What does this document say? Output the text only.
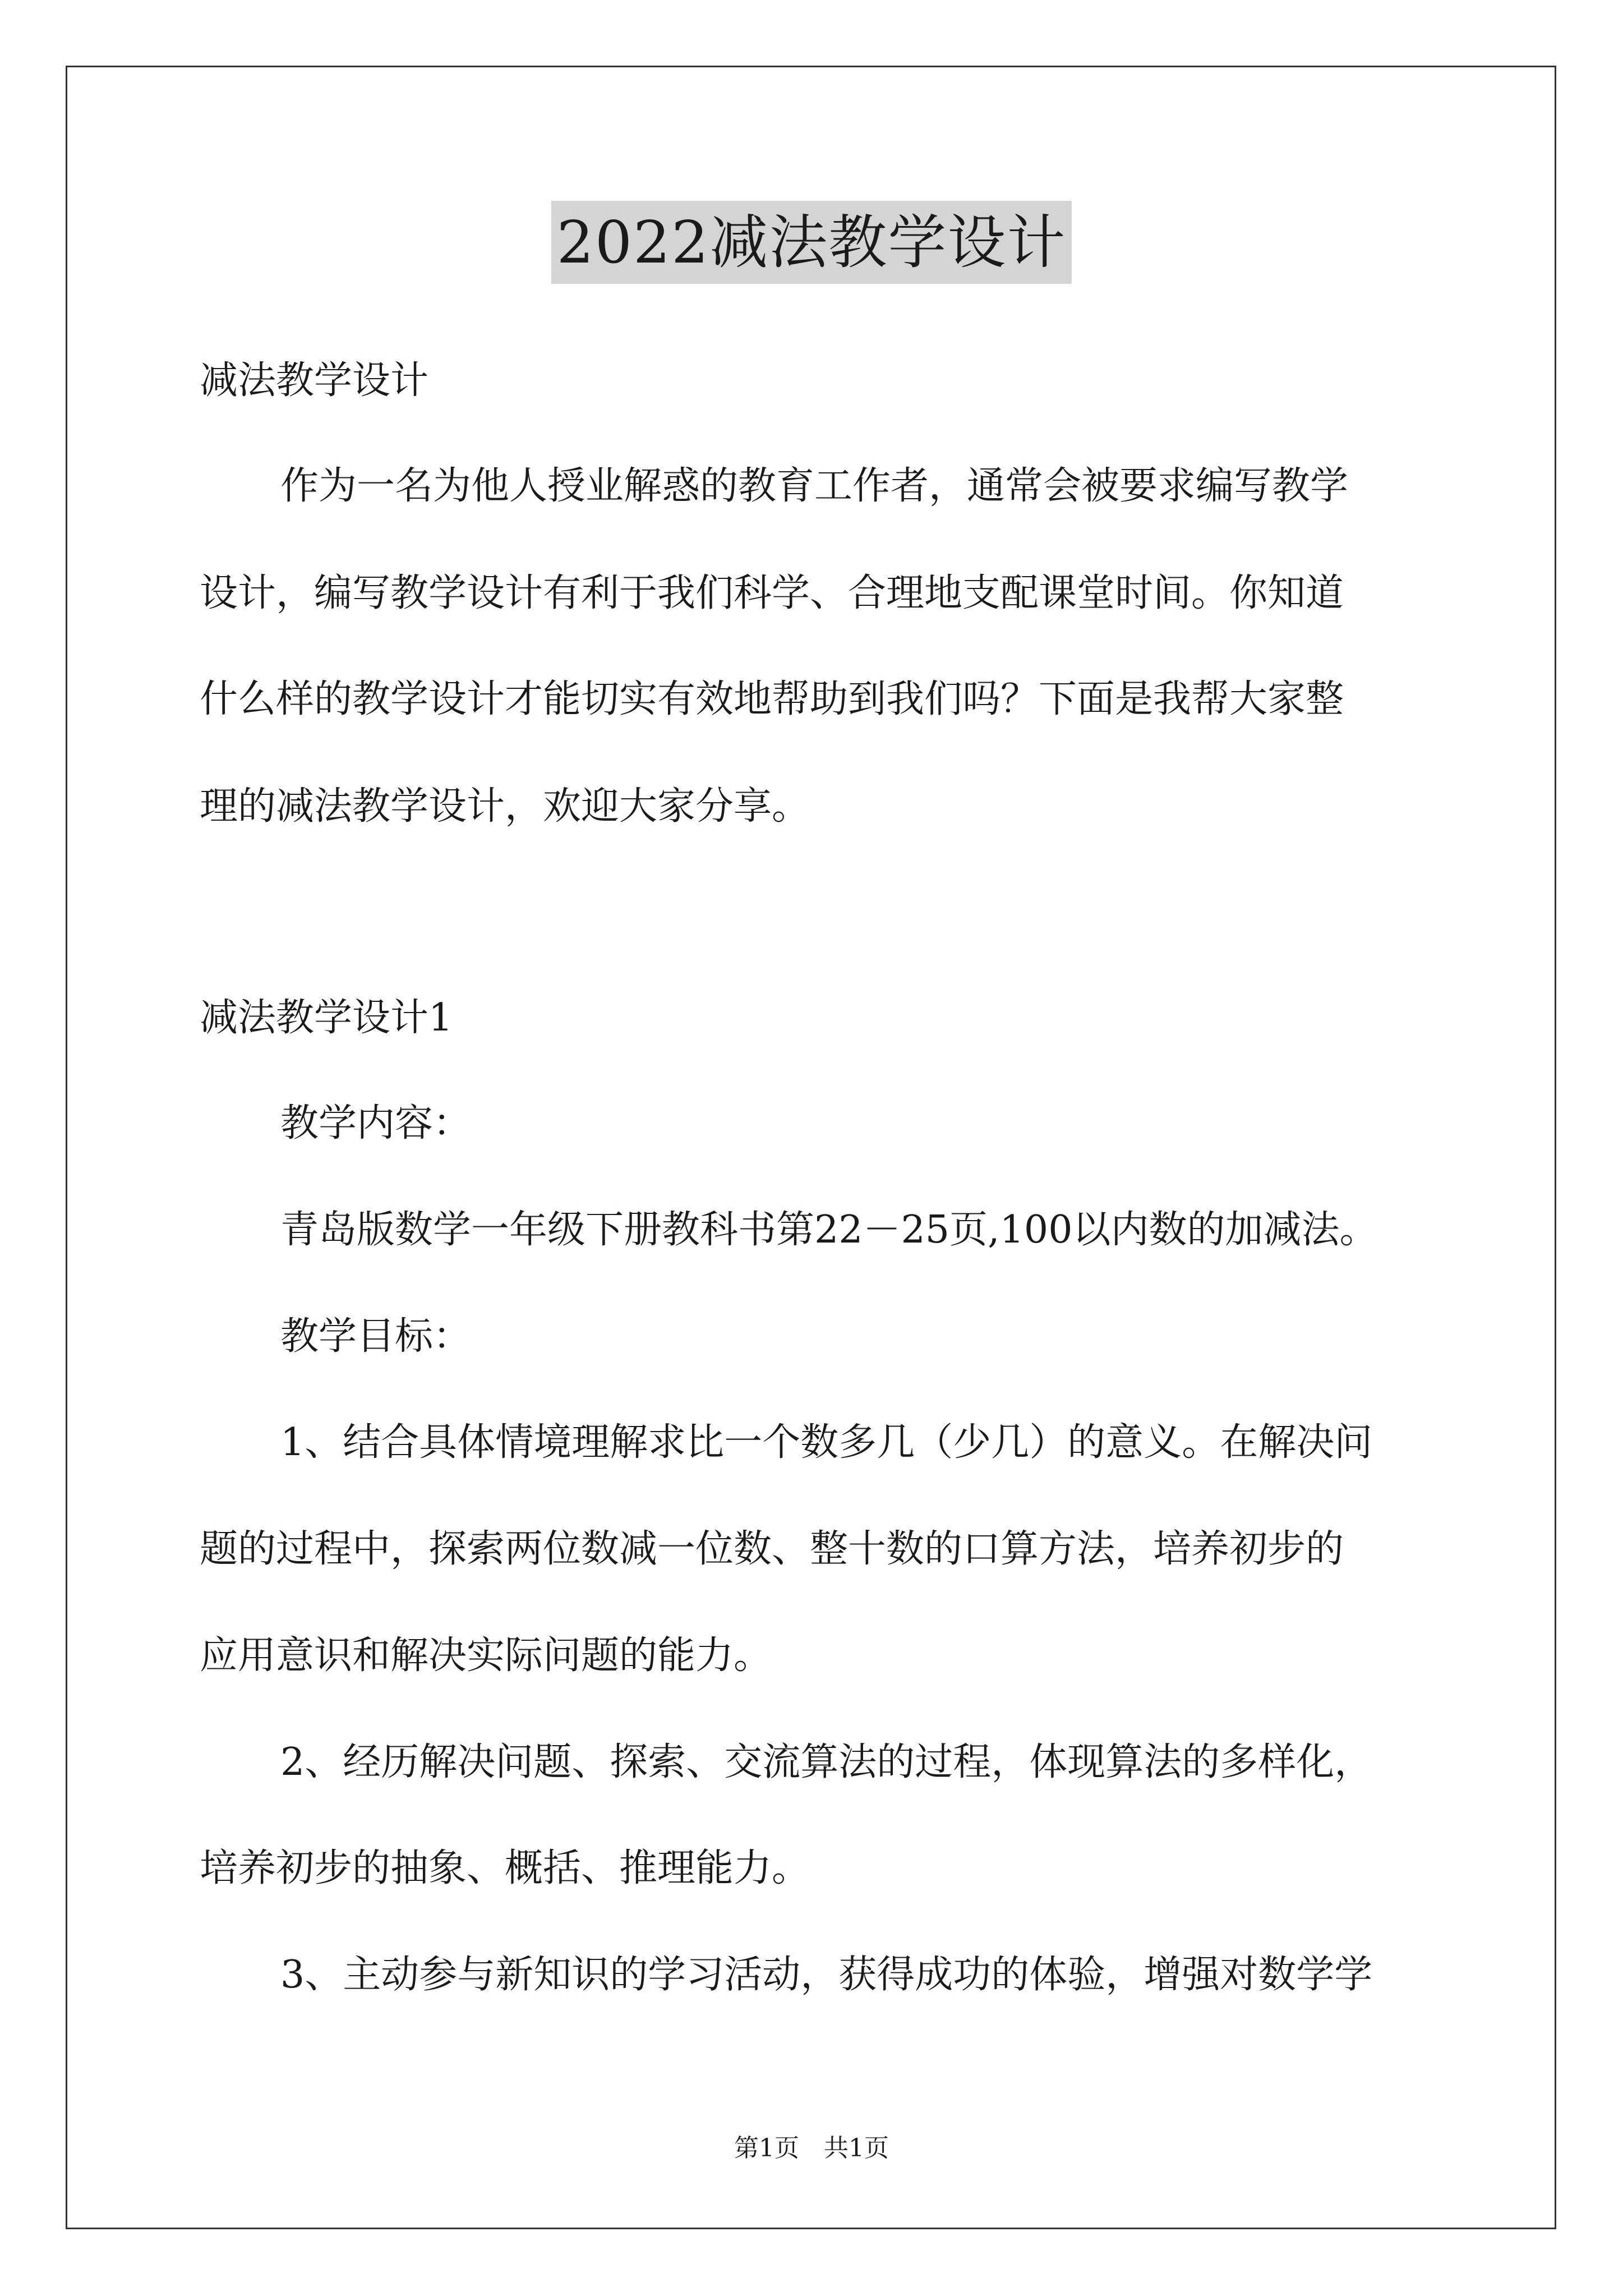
2022减法教学设计
减法教学设计
作为一名为他人授业解惑的教育工作者，通常会被要求编写教学
设计，编写教学设计有利于我们科学、合理地支配课堂时间。你知道
什么样的教学设计才能切实有效地帮助到我们吗？下面是我帮大家整
理的减法教学设计，欢迎大家分享。
减法教学设计1
教学内容：
青岛版数学一年级下册教科书第22－25页,100以内数的加减法。
教学目标：
1、结合具体情境理解求比一个数多几（少几）的意义。在解决问
题的过程中，探索两位数减一位数、整十数的口算方法，培养初步的
应用意识和解决实际问题的能力。
2、经历解决问题、探索、交流算法的过程，体现算法的多样化，
培养初步的抽象、概括、推理能力。
3、主动参与新知识的学习活动，获得成功的体验，增强对数学学
第1页　共1页
